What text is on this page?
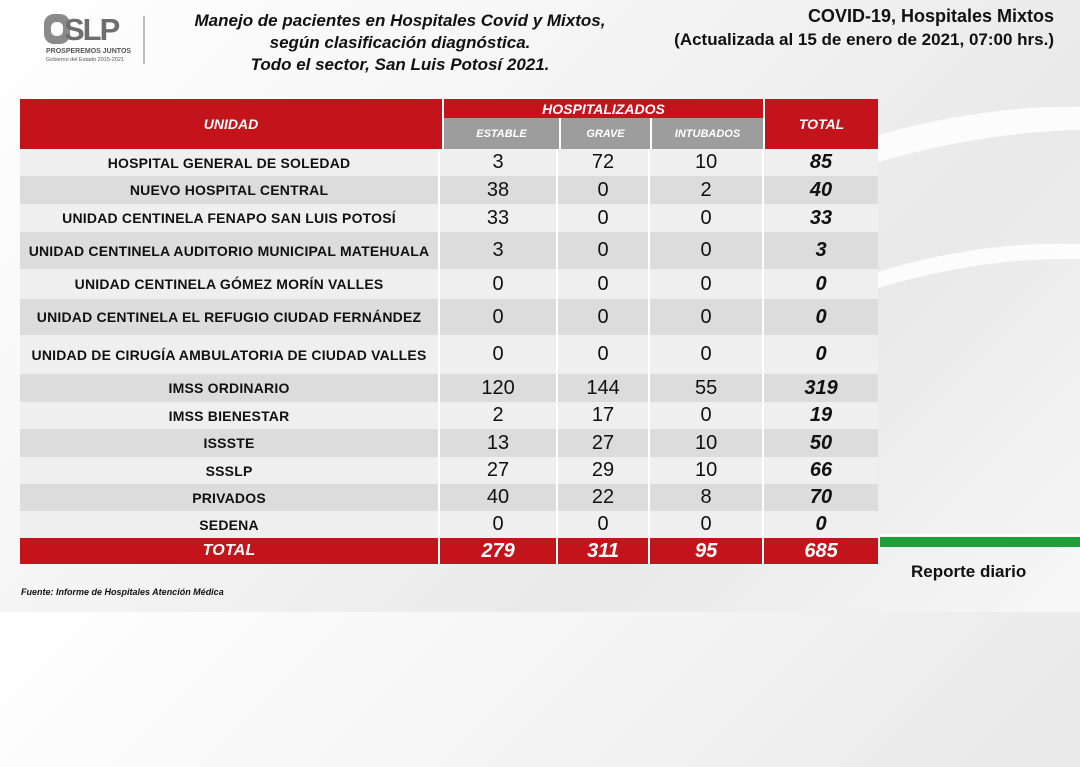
SLP
PROSPEREMOS JUNTOS
Gobierno del Estado 2015-2021
Manejo de pacientes en Hospitales Covid y Mixtos,
según clasificación diagnóstica.
Todo el sector, San Luis Potosí 2021.
COVID-19, Hospitales Mixtos
(Actualizada al 15 de enero de 2021, 07:00 hrs.)
UNIDAD
HOSPITALIZADOS
ESTABLE	GRAVE	INTUBADOS
TOTAL
HOSPITAL GENERAL DE SOLEDAD	3	72	10	85
NUEVO HOSPITAL CENTRAL	38	0	2	40
UNIDAD CENTINELA FENAPO SAN LUIS POTOSÍ	33	0	0	33
UNIDAD CENTINELA AUDITORIO MUNICIPAL MATEHUALA	3	0	0	3
UNIDAD CENTINELA GÓMEZ MORÍN VALLES	0	0	0	0
UNIDAD CENTINELA EL REFUGIO CIUDAD FERNÁNDEZ	0	0	0	0
UNIDAD DE CIRUGÍA AMBULATORIA DE CIUDAD VALLES	0	0	0	0
IMSS ORDINARIO	120	144	55	319
IMSS BIENESTAR	2	17	0	19
ISSSTE	13	27	10	50
SSSLP	27	29	10	66
PRIVADOS	40	22	8	70
SEDENA	0	0	0	0
TOTAL	279	311	95	685
Reporte diario
Fuente: Informe de Hospitales Atención Médica
